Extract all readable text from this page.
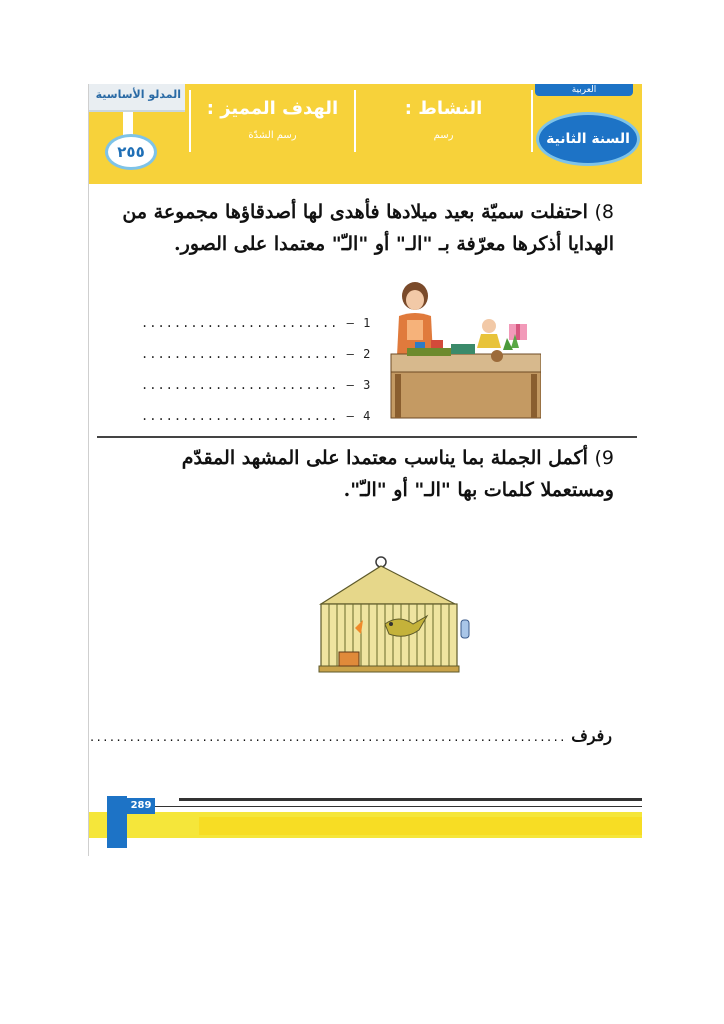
المدلو الأساسية
٢٥٥
الهدف المميز :
رسم الشدّة
النشاط :
رسم
العربية
السنة الثانية
8) احتفلت سميّة بعيد ميلادها فأهدى لها أصدقاؤها مجموعة من الهدايا أذكرها معرّفة بـ "الـ" أو "الـّ" معتمدا على الصور.
........................ – 1
........................ – 2
........................ – 3
........................ – 4
9) أكمل الجملة بما يناسب معتمدا على المشهد المقدّم ومستعملا كلمات بها "الـ" أو "الـّ".
رفرف ........................................................................
289
